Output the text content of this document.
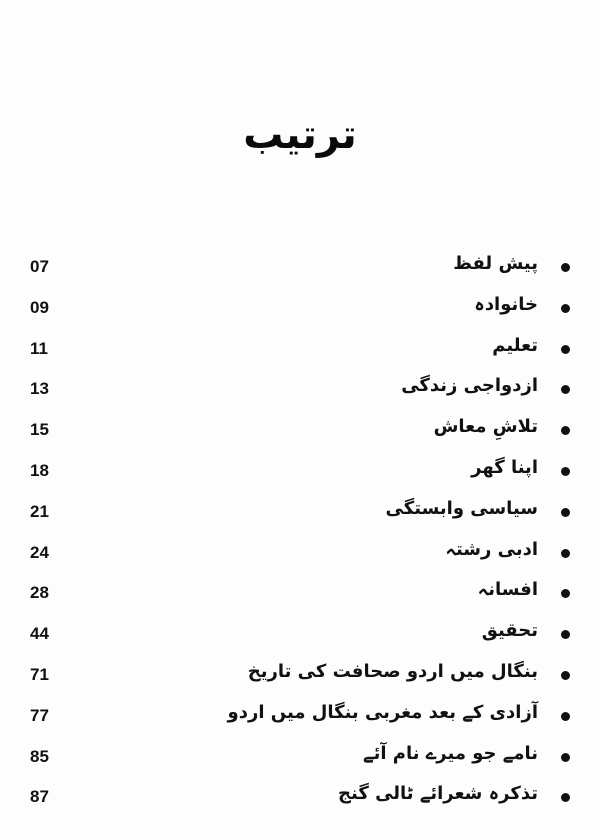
ترتیب
07	پیش لفظ
09	خانوادہ
11	تعلیم
13	ازدواجی زندگی
15	تلاشِ معاش
18	اپنا گھر
21	سیاسی وابستگی
24	ادبی رشتہ
28	افسانہ
44	تحقیق
71	بنگال میں اردو صحافت کی تاریخ
77	آزادی کے بعد مغربی بنگال میں اردو
85	نامے جو میرے نام آئے
87	تذکرہ شعرائے ٹالی گنج
